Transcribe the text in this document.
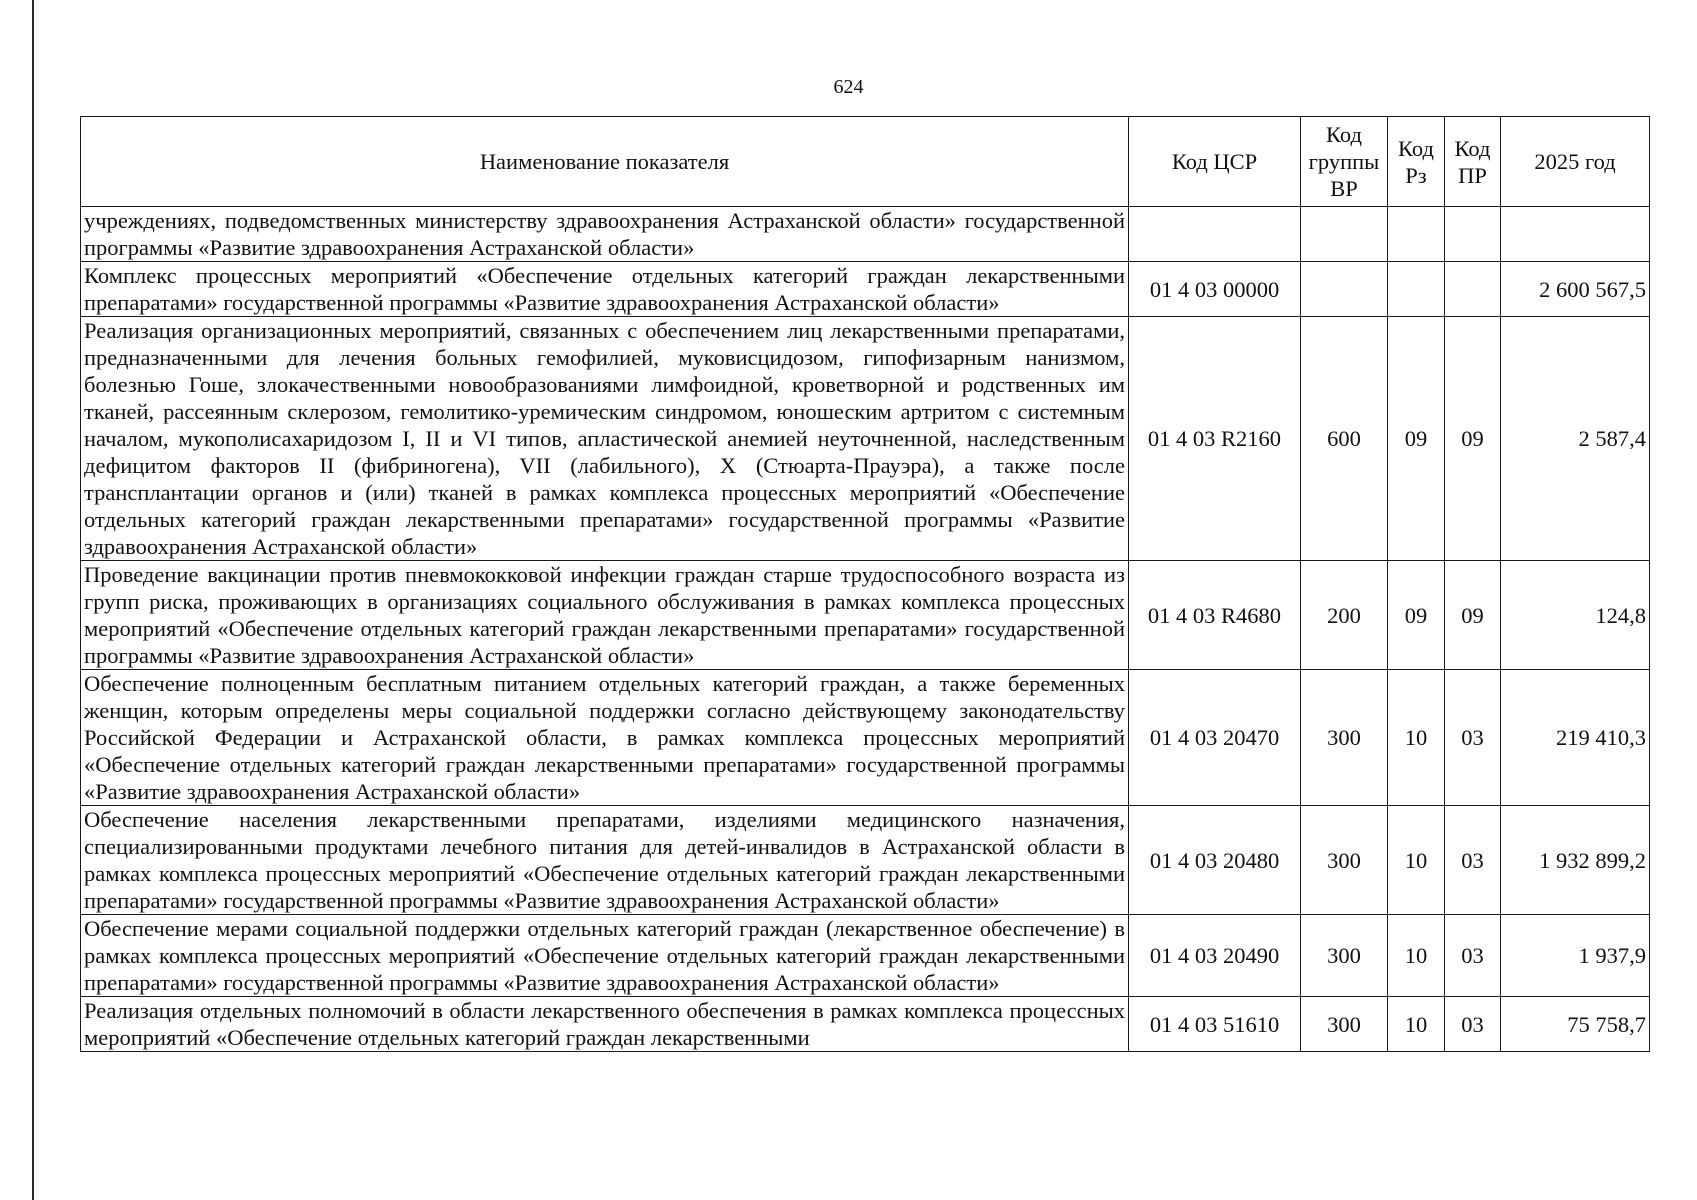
624
Наименование показателя	Код ЦСР	Код группы ВР	Код Рз	Код ПР	2025 год
учреждениях, подведомственных министерству здравоохранения Астраханской области» государственной программы «Развитие здравоохранения Астраханской области»					
Комплекс процессных мероприятий «Обеспечение отдельных категорий граждан лекарственными препаратами» государственной программы «Развитие здравоохранения Астраханской области»	01 4 03 00000				2 600 567,5
Реализация организационных мероприятий, связанных с обеспечением лиц лекарственными препаратами, предназначенными для лечения больных гемофилией, муковисцидозом, гипофизарным нанизмом, болезнью Гоше, злокачественными новообразованиями лимфоидной, кроветворной и родственных им тканей, рассеянным склерозом, гемолитико-уремическим синдромом, юношеским артритом с системным началом, мукополисахаридозом I, II и VI типов, апластической анемией неуточненной, наследственным дефицитом факторов II (фибриногена), VII (лабильного), X (Стюарта-Прауэра), а также после трансплантации органов и (или) тканей в рамках комплекса процессных мероприятий «Обеспечение отдельных категорий граждан лекарственными препаратами» государственной программы «Развитие здравоохранения Астраханской области»	01 4 03 R2160	600	09	09	2 587,4
Проведение вакцинации против пневмококковой инфекции граждан старше трудоспособного возраста из групп риска, проживающих в организациях социального обслуживания в рамках комплекса процессных мероприятий «Обеспечение отдельных категорий граждан лекарственными препаратами» государственной программы «Развитие здравоохранения Астраханской области»	01 4 03 R4680	200	09	09	124,8
Обеспечение полноценным бесплатным питанием отдельных категорий граждан, а также беременных женщин, которым определены меры социальной поддержки согласно действующему законодательству Российской Федерации и Астраханской области, в рамках комплекса процессных мероприятий «Обеспечение отдельных категорий граждан лекарственными препаратами» государственной программы «Развитие здравоохранения Астраханской области»	01 4 03 20470	300	10	03	219 410,3
Обеспечение населения лекарственными препаратами, изделиями медицинского назначения, специализированными продуктами лечебного питания для детей-инвалидов в Астраханской области в рамках комплекса процессных мероприятий «Обеспечение отдельных категорий граждан лекарственными препаратами» государственной программы «Развитие здравоохранения Астраханской области»	01 4 03 20480	300	10	03	1 932 899,2
Обеспечение мерами социальной поддержки отдельных категорий граждан (лекарственное обеспечение) в рамках комплекса процессных мероприятий «Обеспечение отдельных категорий граждан лекарственными препаратами» государственной программы «Развитие здравоохранения Астраханской области»	01 4 03 20490	300	10	03	1 937,9
Реализация отдельных полномочий в области лекарственного обеспечения в рамках комплекса процессных мероприятий «Обеспечение отдельных категорий граждан лекарственными	01 4 03 51610	300	10	03	75 758,7
